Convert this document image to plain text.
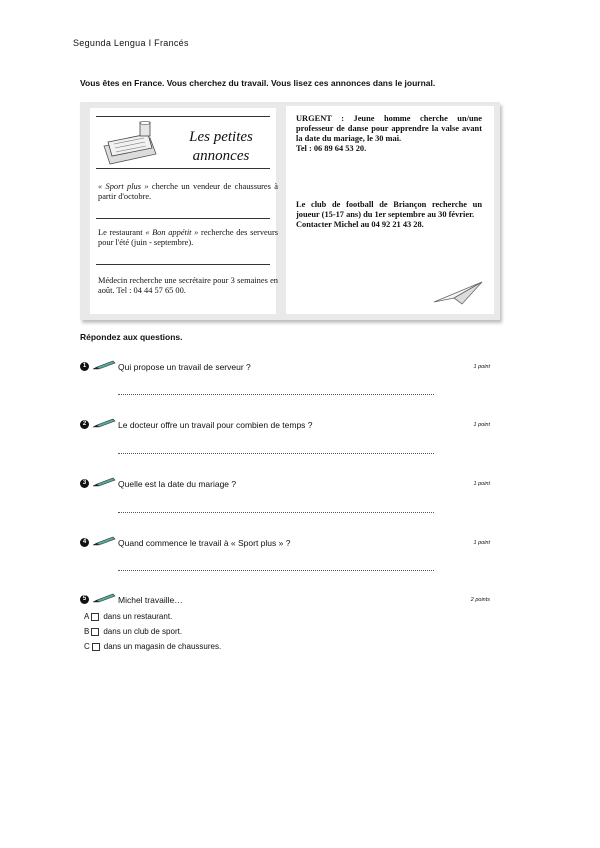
Segunda Lengua I Francés
Vous êtes en France. Vous cherchez du travail. Vous lisez ces annonces dans le journal.
Les petites
annonces

« Sport plus » cherche un vendeur de chaussures à partir d'octobre.

Le restaurant « Bon appétit » recherche des serveurs pour l'été (juin - septembre).

Médecin recherche une secrétaire pour 3 semaines en août. Tel : 04 44 57 65 00.

URGENT : Jeune homme cherche un/une professeur de danse pour apprendre la valse avant la date du mariage, le 30 mai.

Tel : 06 89 64 53 20.

Le club de football de Briançon recherche un joueur (15-17 ans) du 1er septembre au 30 février.

Contacter Michel au 04 92 21 43 28.

Répondez aux questions.
1	Qui propose un travail de serveur ?	1 point
2	Le docteur offre un travail pour combien de temps ?	1 point
3	Quelle est la date du mariage ?	1 point
4	Quand commence le travail à « Sport plus » ?	1 point
5	Michel travaille…	2 points
A dans un restaurant.
B dans un club de sport.
C dans un magasin de chaussures.
